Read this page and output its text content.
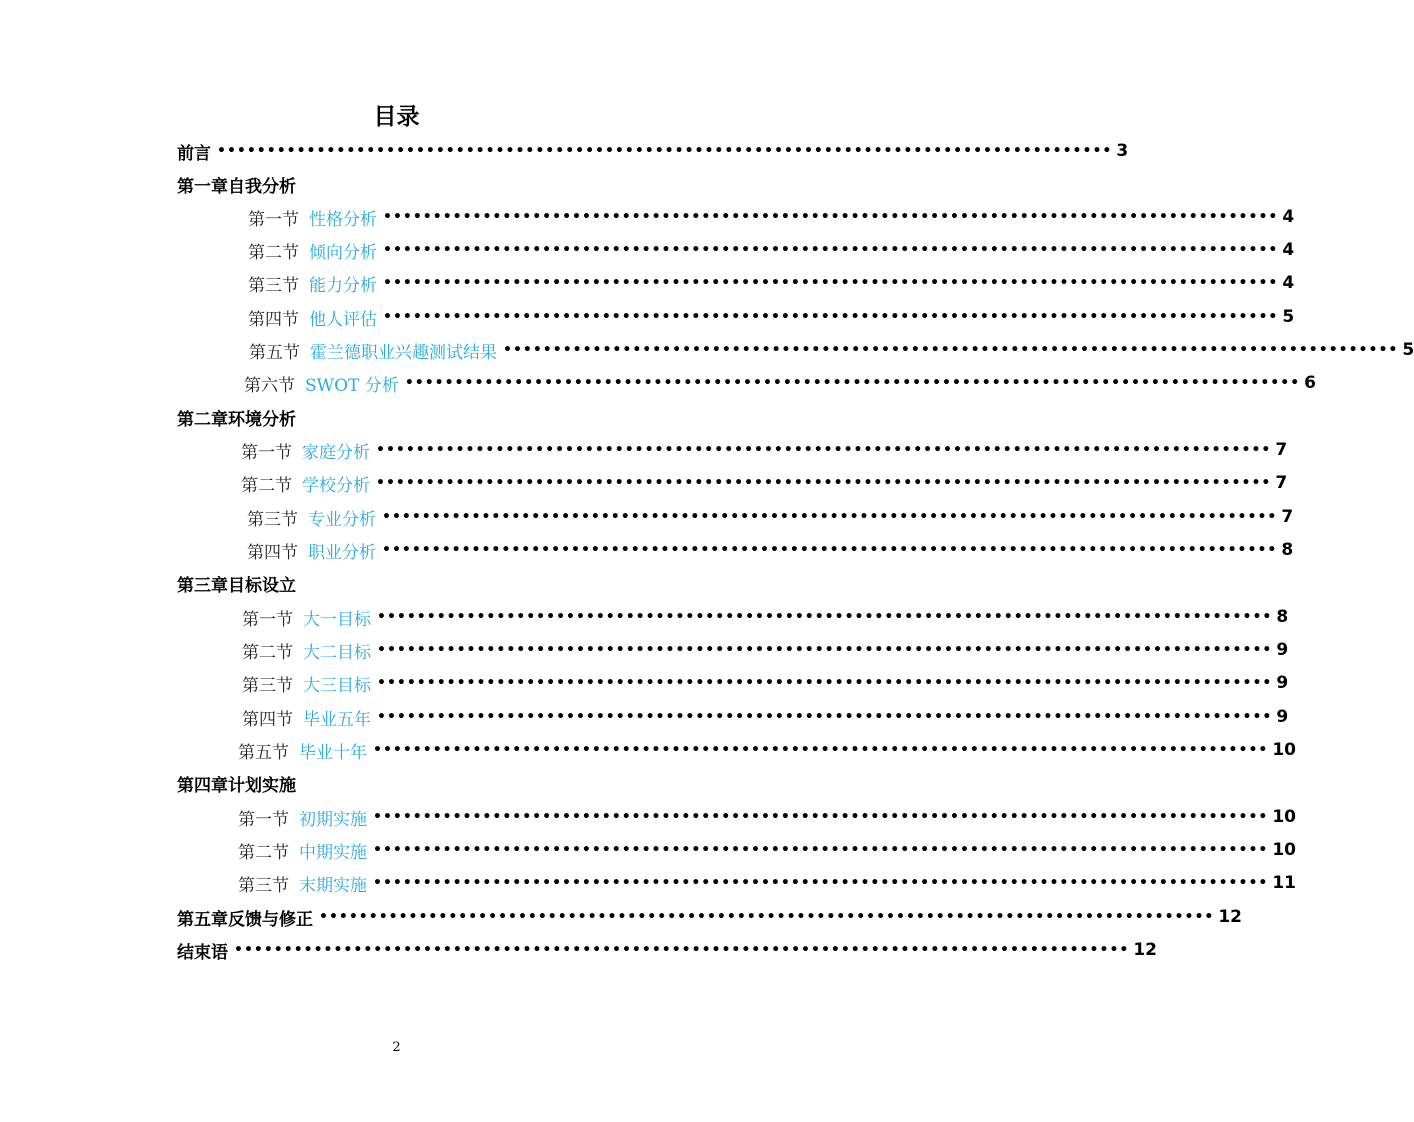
目录
前言 •••••••••••••••••••••••••••••••••••••••••••••••••••••••••••••••••••••••••••••••••••••••••• 3
第一章 自我分析
第一节 性格分析 •••••••••••••••••••••••••••••••••••••••••••••••••••••••••••••••••••••••••••••••••••••••••• 4
第二节 倾向分析 •••••••••••••••••••••••••••••••••••••••••••••••••••••••••••••••••••••••••••••••••••••••••• 4
第三节 能力分析 •••••••••••••••••••••••••••••••••••••••••••••••••••••••••••••••••••••••••••••••••••••••••• 4
第四节 他人评估 •••••••••••••••••••••••••••••••••••••••••••••••••••••••••••••••••••••••••••••••••••••••••• 5
第五节 霍兰德职业兴趣测试结果 •••••••••••••••••••••••••••••••••••••••••••••••••••••••••••••••••••••••••••••••••••••••••• 5
第六节 SWOT 分析 •••••••••••••••••••••••••••••••••••••••••••••••••••••••••••••••••••••••••••••••••••••••••• 6
第二章 环境分析
第一节 家庭分析 •••••••••••••••••••••••••••••••••••••••••••••••••••••••••••••••••••••••••••••••••••••••••• 7
第二节 学校分析 •••••••••••••••••••••••••••••••••••••••••••••••••••••••••••••••••••••••••••••••••••••••••• 7
第三节 专业分析 •••••••••••••••••••••••••••••••••••••••••••••••••••••••••••••••••••••••••••••••••••••••••• 7
第四节 职业分析 •••••••••••••••••••••••••••••••••••••••••••••••••••••••••••••••••••••••••••••••••••••••••• 8
第三章 目标设立
第一节 大一目标 •••••••••••••••••••••••••••••••••••••••••••••••••••••••••••••••••••••••••••••••••••••••••• 8
第二节 大二目标 •••••••••••••••••••••••••••••••••••••••••••••••••••••••••••••••••••••••••••••••••••••••••• 9
第三节 大三目标 •••••••••••••••••••••••••••••••••••••••••••••••••••••••••••••••••••••••••••••••••••••••••• 9
第四节 毕业五年 •••••••••••••••••••••••••••••••••••••••••••••••••••••••••••••••••••••••••••••••••••••••••• 9
第五节 毕业十年 •••••••••••••••••••••••••••••••••••••••••••••••••••••••••••••••••••••••••••••••••••••••••• 10
第四章 计划实施
第一节 初期实施 •••••••••••••••••••••••••••••••••••••••••••••••••••••••••••••••••••••••••••••••••••••••••• 10
第二节 中期实施 •••••••••••••••••••••••••••••••••••••••••••••••••••••••••••••••••••••••••••••••••••••••••• 10
第三节 末期实施 •••••••••••••••••••••••••••••••••••••••••••••••••••••••••••••••••••••••••••••••••••••••••• 11
第五章 反馈与修正 •••••••••••••••••••••••••••••••••••••••••••••••••••••••••••••••••••••••••••••••••••••••••• 12
结束语 •••••••••••••••••••••••••••••••••••••••••••••••••••••••••••••••••••••••••••••••••••••••••• 12
2
